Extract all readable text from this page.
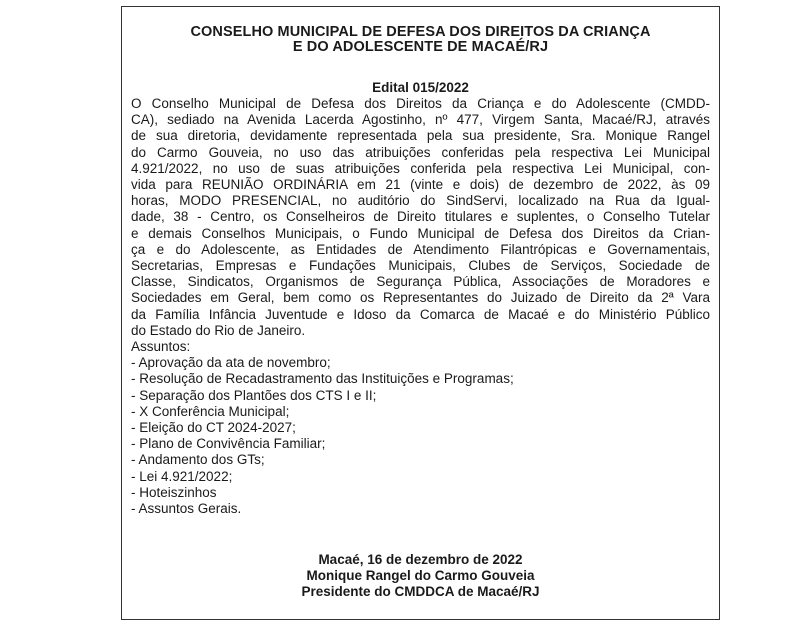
CONSELHO MUNICIPAL DE DEFESA DOS DIREITOS DA CRIANÇA
E DO ADOLESCENTE DE MACAÉ/RJ
Edital 015/2022
O Conselho Municipal de Defesa dos Direitos da Criança e do Adolescente (CMDD-
CA), sediado na Avenida Lacerda Agostinho, nº 477, Virgem Santa, Macaé/RJ, através
de sua diretoria, devidamente representada pela sua presidente, Sra. Monique Rangel
do Carmo Gouveia, no uso das atribuições conferidas pela respectiva Lei Municipal
4.921/2022, no uso de suas atribuições conferida pela respectiva Lei Municipal, con-
vida para REUNIÃO ORDINÁRIA em 21 (vinte e dois) de dezembro de 2022, às 09
horas, MODO PRESENCIAL, no auditório do SindServi, localizado na Rua da Igual-
dade, 38 - Centro, os Conselheiros de Direito titulares e suplentes, o Conselho Tutelar
e demais Conselhos Municipais, o Fundo Municipal de Defesa dos Direitos da Crian-
ça e do Adolescente, as Entidades de Atendimento Filantrópicas e Governamentais,
Secretarias, Empresas e Fundações Municipais, Clubes de Serviços, Sociedade de
Classe, Sindicatos, Organismos de Segurança Pública, Associações de Moradores e
Sociedades em Geral, bem como os Representantes do Juizado de Direito da 2ª Vara
da Família Infância Juventude e Idoso da Comarca de Macaé e do Ministério Público
do Estado do Rio de Janeiro.
Assuntos:
- Aprovação da ata de novembro;
- Resolução de Recadastramento das Instituições e Programas;
- Separação dos Plantões dos CTS I e II;
- X Conferência Municipal;
- Eleição do CT 2024-2027;
- Plano de Convivência Familiar;
- Andamento dos GTs;
- Lei 4.921/2022;
- Hoteiszinhos
- Assuntos Gerais.
Macaé, 16 de dezembro de 2022
Monique Rangel do Carmo Gouveia
Presidente do CMDDCA de Macaé/RJ
